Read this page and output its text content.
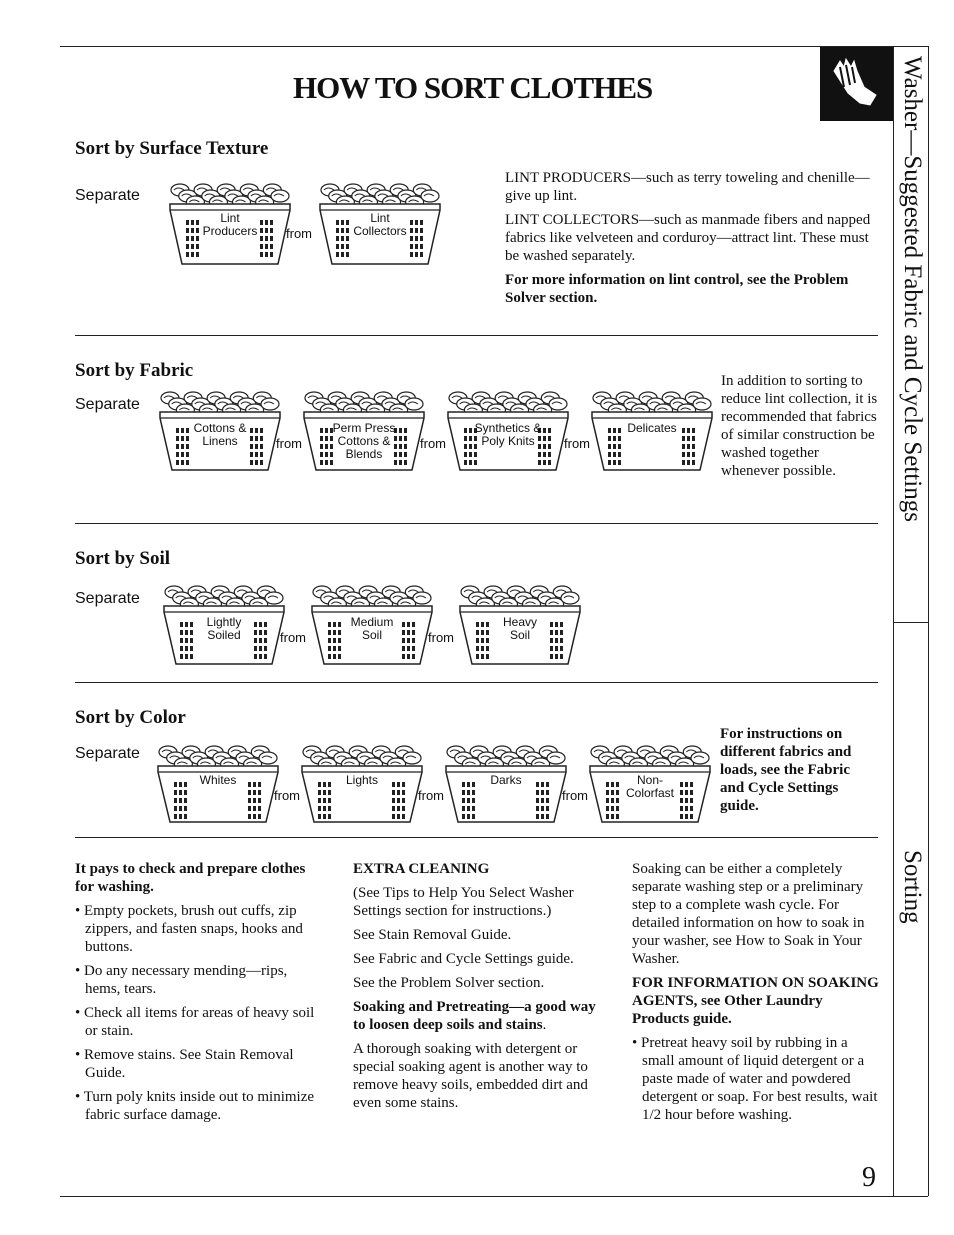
Washer—Suggested Fabric and Cycle Settings
Sorting
HOW TO SORT CLOTHES
Sort by Surface Texture
Separate
Lint
Producers	from
Lint
Collectors

LINT PRODUCERS—such as terry toweling and chenille—give up lint.

LINT COLLECTORS—such as manmade fibers and napped fabrics like velveteen and corduroy—attract lint. These must be washed separately.

For more information on lint control, see the Problem Solver section.

Sort by Fabric
Separate
Cottons &
Linens	from
Perm Press
Cottons &
Blends
from
Synthetics &
Poly Knits	from
Delicates
In addition to sorting to reduce lint collection, it is recommended that fabrics of similar construction be washed together whenever possible.
Sort by Soil
Separate
Lightly
Soiled	from
Medium
Soil	from
Heavy
Soil
Sort by Color
Separate
Whites
from
Lights
from
Darks
from
Non-
Colorfast
For instructions on different fabrics and loads, see the Fabric and Cycle Settings guide.

It pays to check and prepare clothes for washing.

• Empty pockets, brush out cuffs, zip zippers, and fasten snaps, hooks and buttons.
• Do any necessary mending—rips, hems, tears.
• Check all items for areas of heavy soil or stain.
• Remove stains. See Stain Removal Guide.
• Turn poly knits inside out to minimize fabric surface damage.

EXTRA CLEANING

(See Tips to Help You Select Washer Settings section for instructions.)

See Stain Removal Guide.

See Fabric and Cycle Settings guide.

See the Problem Solver section.

Soaking and Pretreating—a good way to loosen deep soils and stains.

A thorough soaking with detergent or special soaking agent is another way to remove heavy soils, embedded dirt and even some stains.

Soaking can be either a completely separate washing step or a preliminary step to a complete wash cycle. For detailed information on how to soak in your washer, see How to Soak in Your Washer.

FOR INFORMATION ON SOAKING AGENTS, see Other Laundry Products guide.

• Pretreat heavy soil by rubbing in a small amount of liquid detergent or a paste made of water and powdered detergent or soap. For best results, wait 1/2 hour before washing.
9
